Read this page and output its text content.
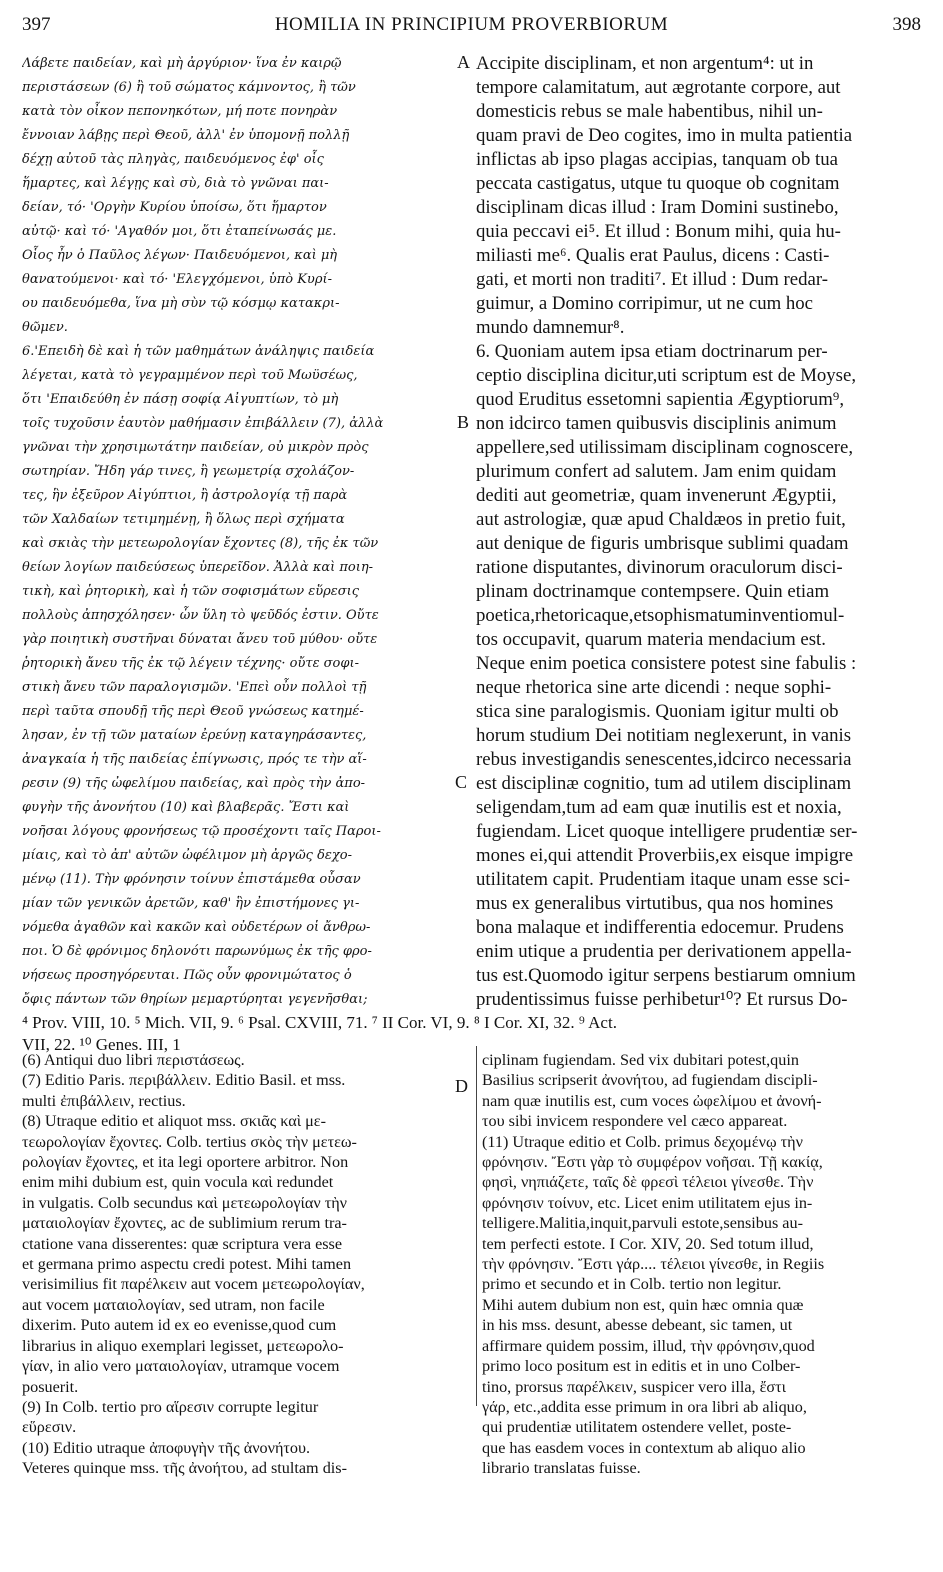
397	HOMILIA IN PRINCIPIUM PROVERBIORUM	398
Λάβετε παιδείαν, καὶ μὴ ἀργύριον· ἵνα ἐν καιρῷ
περιστάσεων (6) ἢ τοῦ σώματος κάμνοντος, ἢ τῶν
κατὰ τὸν οἶκον πεπονηκότων, μή ποτε πονηρὰν
ἔννοιαν λάβῃς περὶ Θεοῦ, ἀλλ' ἐν ὑπομονῇ πολλῇ
δέχῃ αὐτοῦ τὰς πληγὰς, παιδευόμενος ἐφ' οἷς
ἥμαρτες, καὶ λέγῃς καὶ σὺ, διὰ τὸ γνῶναι παι-
δείαν, τό· 'Οργὴν Κυρίου ὑποίσω, ὅτι ἥμαρτον
αὐτῷ· καὶ τό· 'Αγαθόν μοι, ὅτι ἐταπείνωσάς με.
Οἷος ἦν ὁ Παῦλος λέγων· Παιδευόμενοι, καὶ μὴ
θανατούμενοι· καὶ τό· 'Ελεγχόμενοι, ὑπὸ Κυρί-
ου παιδευόμεθα, ἵνα μὴ σὺν τῷ κόσμῳ κατακρι-
θῶμεν.
6.'Επειδὴ δὲ καὶ ἡ τῶν μαθημάτων ἀνάληψις παιδεία
λέγεται, κατὰ τὸ γεγραμμένον περὶ τοῦ Μωϋσέως,
ὅτι 'Επαιδεύθη ἐν πάσῃ σοφίᾳ Αἰγυπτίων, τὸ μὴ
τοῖς τυχοῦσιν ἑαυτὸν μαθήμασιν ἐπιβάλλειν (7), ἀλλὰ
γνῶναι τὴν χρησιμωτάτην παιδείαν, οὐ μικρὸν πρὸς
σωτηρίαν. Ἤδη γάρ τινες, ἢ γεωμετρίᾳ σχολάζον-
τες, ἣν ἐξεῦρον Αἰγύπτιοι, ἢ ἀστρολογίᾳ τῇ παρὰ
τῶν Χαλδαίων τετιμημένῃ, ἢ ὅλως περὶ σχήματα
καὶ σκιὰς τὴν μετεωρολογίαν ἔχοντες (8), τῆς ἐκ τῶν
θείων λογίων παιδεύσεως ὑπερεῖδον. Ἀλλὰ καὶ ποιη-
τικὴ, καὶ ῥητορικὴ, καὶ ἡ τῶν σοφισμάτων εὕρεσις
πολλοὺς ἀπησχόλησεν· ὧν ὕλη τὸ ψεῦδός ἐστιν. Οὔτε
γὰρ ποιητικὴ συστῆναι δύναται ἄνευ τοῦ μύθου· οὔτε
ῥητορικὴ ἄνευ τῆς ἐκ τῷ λέγειν τέχνης· οὔτε σοφι-
στικὴ ἄνευ τῶν παραλογισμῶν. 'Επεὶ οὖν πολλοὶ τῇ
περὶ ταῦτα σπουδῇ τῆς περὶ Θεοῦ γνώσεως κατημέ-
λησαν, ἐν τῇ τῶν ματαίων ἐρεύνῃ καταγηράσαντες,
ἀναγκαία ἡ τῆς παιδείας ἐπίγνωσις, πρός τε τὴν αἵ-
ρεσιν (9) τῆς ὠφελίμου παιδείας, καὶ πρὸς τὴν ἀπο-
φυγὴν τῆς ἀνονήτου (10) καὶ βλαβερᾶς. Ἔστι καὶ
νοῆσαι λόγους φρονήσεως τῷ προσέχοντι ταῖς Παροι-
μίαις, καὶ τὸ ἀπ' αὐτῶν ὠφέλιμον μὴ ἀργῶς δεχο-
μένῳ (11). Τὴν φρόνησιν τοίνυν ἐπιστάμεθα οὖσαν
μίαν τῶν γενικῶν ἀρετῶν, καθ' ἣν ἐπιστήμονες γι-
νόμεθα ἀγαθῶν καὶ κακῶν καὶ οὐδετέρων οἱ ἄνθρω-
ποι. Ὁ δὲ φρόνιμος δηλονότι παρωνύμως ἐκ τῆς φρο-
νήσεως προσηγόρευται. Πῶς οὖν φρονιμώτατος ὁ
ὄφις πάντων τῶν θηρίων μεμαρτύρηται γεγενῆσθαι;
Accipite disciplinam, et non argentum⁴: ut in
tempore calamitatum, aut ægrotante corpore, aut
domesticis rebus se male habentibus, nihil un-
quam pravi de Deo cogites, imo in multa patientia
inflictas ab ipso plagas accipias, tanquam ob tua
peccata castigatus, utque tu quoque ob cognitam
disciplinam dicas illud : Iram Domini sustinebo,
quia peccavi ei⁵. Et illud : Bonum mihi, quia hu-
miliasti me⁶. Qualis erat Paulus, dicens : Casti-
gati, et morti non traditi⁷. Et illud : Dum redar-
guimur, a Domino corripimur, ut ne cum hoc
mundo damnemur⁸.
6. Quoniam autem ipsa etiam doctrinarum per-
ceptio disciplina dicitur,uti scriptum est de Moyse,
quod Eruditus essetomni sapientia Ægyptiorum⁹,
non idcirco tamen quibusvis disciplinis animum
appellere,sed utilissimam disciplinam cognoscere,
plurimum confert ad salutem. Jam enim quidam
dediti aut geometriæ, quam invenerunt Ægyptii,
aut astrologiæ, quæ apud Chaldæos in pretio fuit,
aut denique de figuris umbrisque sublimi quadam
ratione disputantes, divinorum oraculorum disci-
plinam doctrinamque contempsere. Quin etiam
poetica,rhetoricaque,etsophismatuminventiomul-
tos occupavit, quarum materia mendacium est.
Neque enim poetica consistere potest sine fabulis :
neque rhetorica sine arte dicendi : neque sophi-
stica sine paralogismis. Quoniam igitur multi ob
horum studium Dei notitiam neglexerunt, in vanis
rebus investigandis senescentes,idcirco necessaria
est disciplinæ cognitio, tum ad utilem disciplinam
seligendam,tum ad eam quæ inutilis est et noxia,
fugiendam. Licet quoque intelligere prudentiæ ser-
mones ei,qui attendit Proverbiis,ex eisque impigre
utilitatem capit. Prudentiam itaque unam esse sci-
mus ex generalibus virtutibus, qua nos homines
bona malaque et indifferentia edocemur. Prudens
enim utique a prudentia per derivationem appella-
tus est.Quomodo igitur serpens bestiarum omnium
prudentissimus fuisse perhibetur¹⁰? Et rursus Do-
A
B
C
D
⁴ Prov. VIII, 10. ⁵ Mich. VII, 9. ⁶ Psal. CXVIII, 71. ⁷ II Cor. VI, 9. ⁸ I Cor. XI, 32. ⁹ Act.
VII, 22. ¹⁰ Genes. III, 1
(6) Antiqui duo libri περιστάσεως.
(7) Editio Paris. περιβάλλειν. Editio Basil. et mss.
multi ἐπιβάλλειν, rectius.
(8) Utraque editio et aliquot mss. σκιᾶς καὶ με-
τεωρολογίαν ἔχοντες. Colb. tertius σκὸς τὴν μετεω-
ρολογίαν ἔχοντες, et ita legi oportere arbitror. Non
enim mihi dubium est, quin vocula καὶ redundet
in vulgatis. Colb secundus καὶ μετεωρολογίαν τὴν
ματαιολογίαν ἔχοντες, ac de sublimium rerum tra-
ctatione vana disserentes: quæ scriptura vera esse
et germana primo aspectu credi potest. Mihi tamen
verisimilius fit παρέλκειν aut vocem μετεωρολογίαν,
aut vocem ματαιολογίαν, sed utram, non facile
dixerim. Puto autem id ex eo evenisse,quod cum
librarius in aliquo exemplari legisset, μετεωρολο-
γίαν, in alio vero ματαιολογίαν, utramque vocem
posuerit.
(9) In Colb. tertio pro αἵρεσιν corrupte legitur
εὕρεσιν.
(10) Editio utraque ἀποφυγὴν τῆς ἀνονήτου.
Veteres quinque mss. τῆς ἀνοήτου, ad stultam dis-
ciplinam fugiendam. Sed vix dubitari potest,quin
Basilius scripserit ἀνονήτου, ad fugiendam discipli-
nam quæ inutilis est, cum voces ὠφελίμου et ἀνονή-
του sibi invicem respondere vel cæco appareat.
(11) Utraque editio et Colb. primus δεχομένῳ τὴν
φρόνησιν. Ἔστι γὰρ τὸ συμφέρον νοῆσαι. Τῇ κακίᾳ,
φησὶ, νηπιάζετε, ταῖς δὲ φρεσὶ τέλειοι γίνεσθε. Τὴν
φρόνησιν τοίνυν, etc. Licet enim utilitatem ejus in-
telligere.Malitia,inquit,parvuli estote,sensibus au-
tem perfecti estote. I Cor. XIV, 20. Sed totum illud,
τὴν φρόνησιν. Ἔστι γάρ.... τέλειοι γίνεσθε, in Regiis
primo et secundo et in Colb. tertio non legitur.
Mihi autem dubium non est, quin hæc omnia quæ
in his mss. desunt, abesse debeant, sic tamen, ut
affirmare quidem possim, illud, τὴν φρόνησιν,quod
primo loco positum est in editis et in uno Colber-
tino, prorsus παρέλκειν, suspicer vero illa, ἔστι
γάρ, etc.,addita esse primum in ora libri ab aliquo,
qui prudentiæ utilitatem ostendere vellet, poste-
que has easdem voces in contextum ab aliquo alio
librario translatas fuisse.
